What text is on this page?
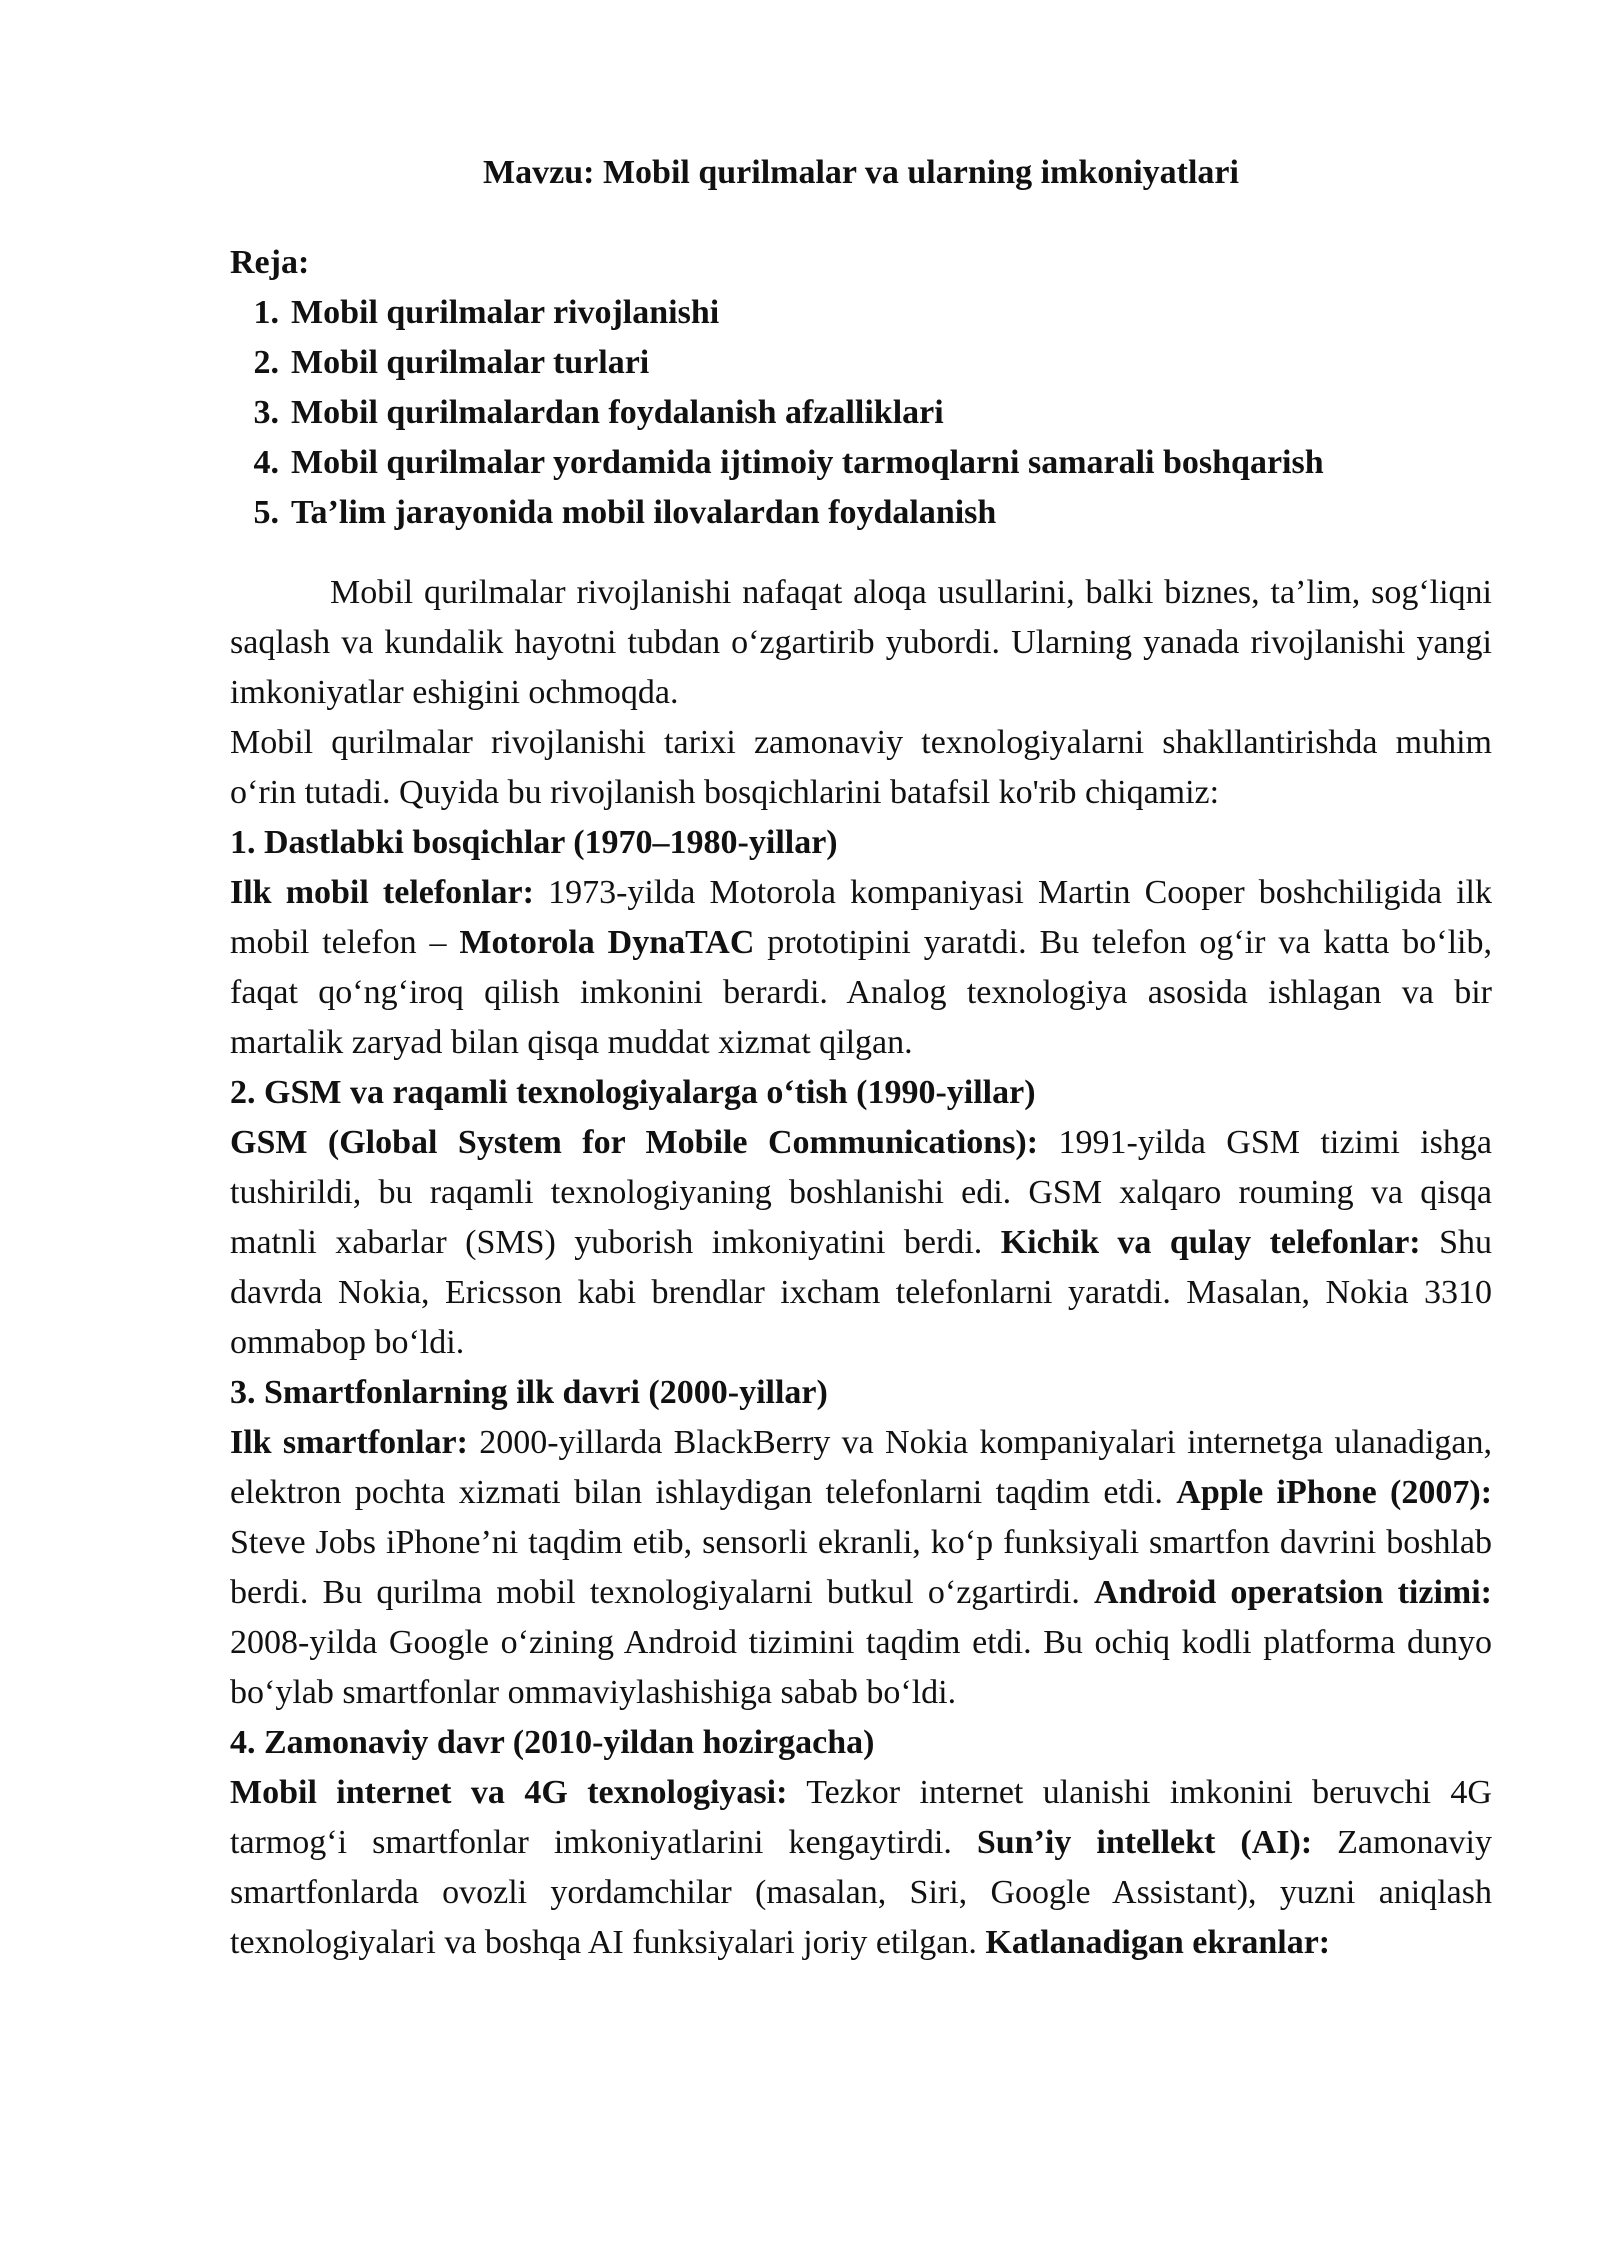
Mavzu: Mobil qurilmalar va ularning imkoniyatlari
Reja:
1. Mobil qurilmalar rivojlanishi
2. Mobil qurilmalar turlari
3. Mobil qurilmalardan foydalanish afzalliklari
4. Mobil qurilmalar yordamida ijtimoiy tarmoqlarni samarali boshqarish
5. Ta’lim jarayonida mobil ilovalardan foydalanish

Mobil qurilmalar rivojlanishi nafaqat aloqa usullarini, balki biznes, ta’lim, sog‘liqni saqlash va kundalik hayotni tubdan o‘zgartirib yubordi. Ularning yanada rivojlanishi yangi imkoniyatlar eshigini ochmoqda.

Mobil qurilmalar rivojlanishi tarixi zamonaviy texnologiyalarni shakllantirishda muhim o‘rin tutadi. Quyida bu rivojlanish bosqichlarini batafsil ko'rib chiqamiz:

1. Dastlabki bosqichlar (1970–1980-yillar)

Ilk mobil telefonlar: 1973-yilda Motorola kompaniyasi Martin Cooper boshchiligida ilk mobil telefon – Motorola DynaTAC prototipini yaratdi. Bu telefon og‘ir va katta bo‘lib, faqat qo‘ng‘iroq qilish imkonini berardi. Analog texnologiya asosida ishlagan va bir martalik zaryad bilan qisqa muddat xizmat qilgan.

2. GSM va raqamli texnologiyalarga o‘tish (1990-yillar)

GSM (Global System for Mobile Communications): 1991-yilda GSM tizimi ishga tushirildi, bu raqamli texnologiyaning boshlanishi edi. GSM xalqaro rouming va qisqa matnli xabarlar (SMS) yuborish imkoniyatini berdi. Kichik va qulay telefonlar: Shu davrda Nokia, Ericsson kabi brendlar ixcham telefonlarni yaratdi. Masalan, Nokia 3310 ommabop bo‘ldi.

3. Smartfonlarning ilk davri (2000-yillar)

Ilk smartfonlar: 2000-yillarda BlackBerry va Nokia kompaniyalari internetga ulanadigan, elektron pochta xizmati bilan ishlaydigan telefonlarni taqdim etdi. Apple iPhone (2007): Steve Jobs iPhone’ni taqdim etib, sensorli ekranli, ko‘p funksiyali smartfon davrini boshlab berdi. Bu qurilma mobil texnologiyalarni butkul o‘zgartirdi. Android operatsion tizimi: 2008-yilda Google o‘zining Android tizimini taqdim etdi. Bu ochiq kodli platforma dunyo bo‘ylab smartfonlar ommaviylashishiga sabab bo‘ldi.

4. Zamonaviy davr (2010-yildan hozirgacha)

Mobil internet va 4G texnologiyasi: Tezkor internet ulanishi imkonini beruvchi 4G tarmog‘i smartfonlar imkoniyatlarini kengaytirdi. Sun’iy intellekt (AI): Zamonaviy smartfonlarda ovozli yordamchilar (masalan, Siri, Google Assistant), yuzni aniqlash texnologiyalari va boshqa AI funksiyalari joriy etilgan. Katlanadigan ekranlar:
